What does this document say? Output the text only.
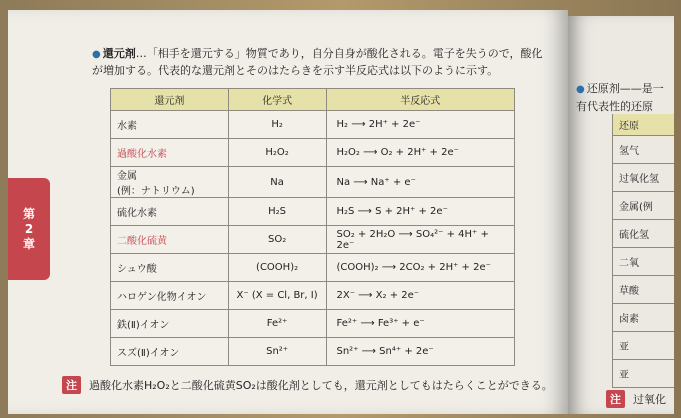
第
2
章
● 還元剤…「相手を還元する」物質であり，自分自身が酸化される。電子を失うので，酸化
が増加する。代表的な還元剤とそのはたらきを示す半反応式は以下のように示す。
還元剤	化学式	半反応式
水素	H₂	H₂ ⟶ 2H⁺ + 2e⁻
過酸化水素	H₂O₂	H₂O₂ ⟶ O₂ + 2H⁺ + 2e⁻
金属
(例：ナトリウム)	Na	Na ⟶ Na⁺ + e⁻
硫化水素	H₂S	H₂S ⟶ S + 2H⁺ + 2e⁻
二酸化硫黄	SO₂	SO₂ + 2H₂O ⟶ SO₄²⁻ + 4H⁺ + 2e⁻
シュウ酸	(COOH)₂	(COOH)₂ ⟶ 2CO₂ + 2H⁺ + 2e⁻
ハロゲン化物イオン	X⁻ (X = Cl, Br, I)	2X⁻ ⟶ X₂ + 2e⁻
鉄(Ⅱ)イオン	Fe²⁺	Fe²⁺ ⟶ Fe³⁺ + e⁻
スズ(Ⅱ)イオン	Sn²⁺	Sn²⁺ ⟶ Sn⁴⁺ + 2e⁻
注	過酸化水素H₂O₂と二酸化硫黄SO₂は酸化剤としても，還元剤としてもはたらくことができる。
● 还原剂——是一
有代表性的还原
还原
氢气
过氧化氢
金属(例
硫化氢
二氧
草酸
卤素
亚
亚
注	过氧化
